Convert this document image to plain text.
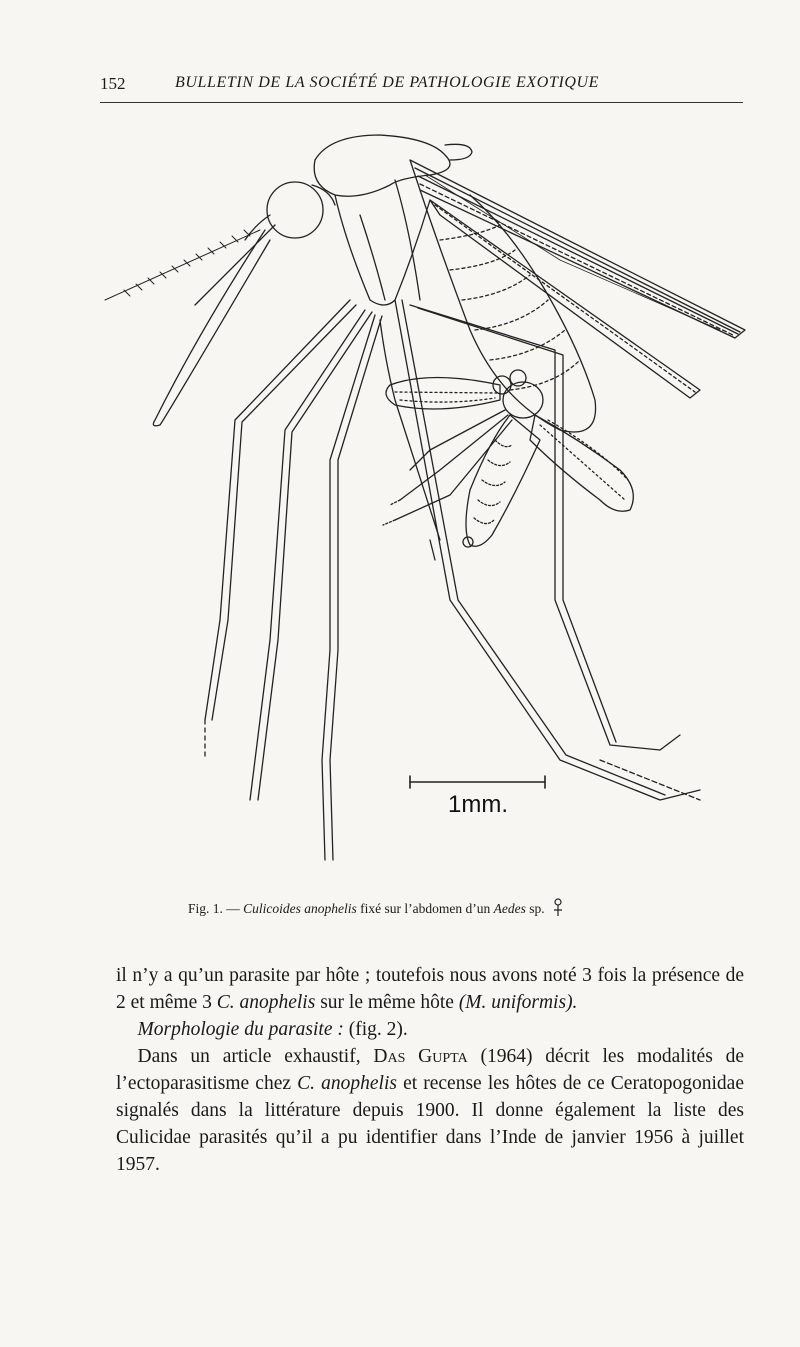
152	BULLETIN DE LA SOCIÉTÉ DE PATHOLOGIE EXOTIQUE
1mm.
Fig. 1. — Culicoides anophelis fixé sur l’abdomen d’un Aedes sp.

il n’y a qu’un parasite par hôte ; toutefois nous avons noté 3 fois la présence de 2 et même 3 C. anophelis sur le même hôte (M. uniformis).

 Morphologie du parasite : (fig. 2).

 Dans un article exhaustif, Das Gupta (1964) décrit les modalités de l’ectoparasitisme chez C. anophelis et recense les hôtes de ce Ceratopogonidae signalés dans la littérature depuis 1900. Il donne également la liste des Culicidae parasités qu’il a pu identifier dans l’Inde de janvier 1956 à juillet 1957.
